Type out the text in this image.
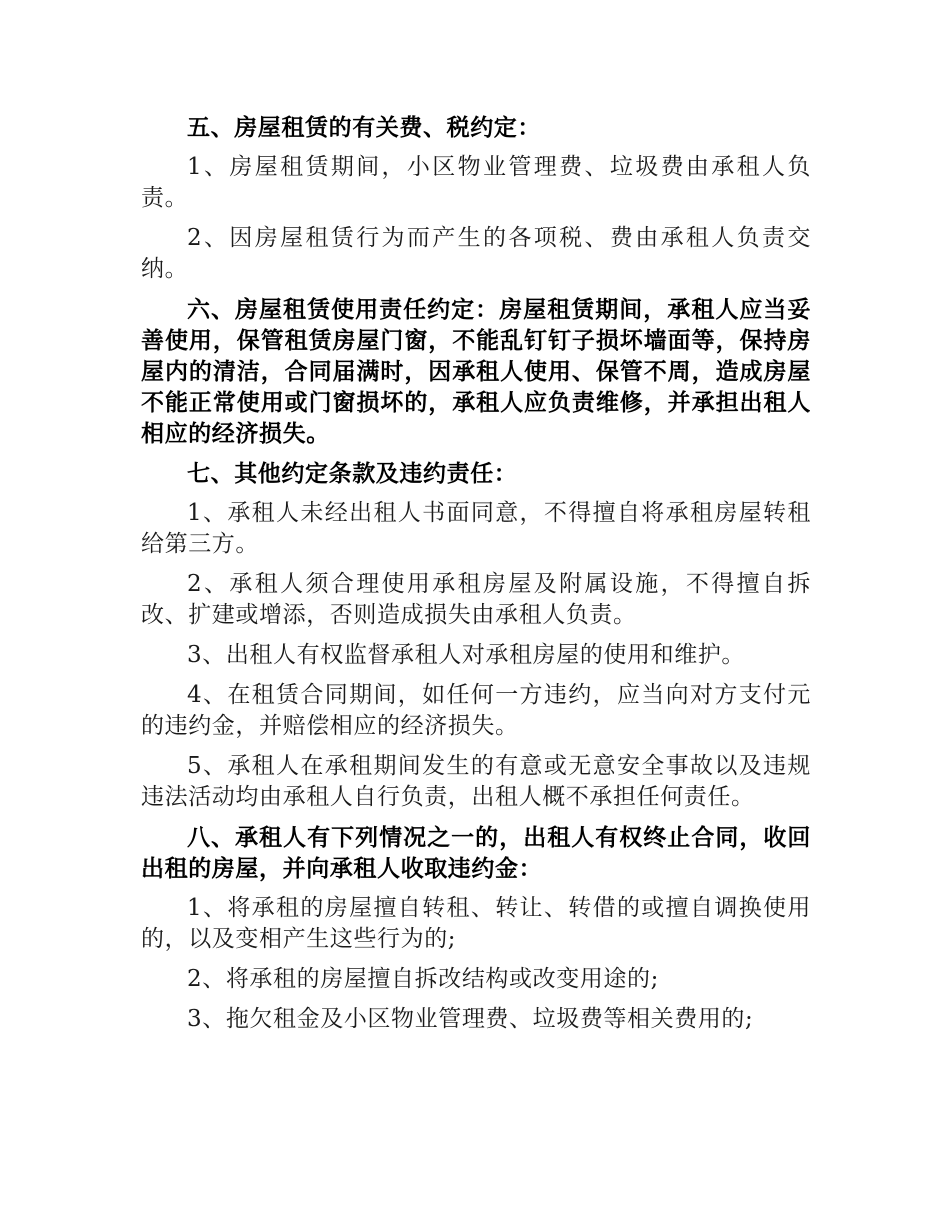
五、房屋租赁的有关费、税约定：

1、房屋租赁期间，小区物业管理费、垃圾费由承租人负责。

2、因房屋租赁行为而产生的各项税、费由承租人负责交纳。

六、房屋租赁使用责任约定：房屋租赁期间，承租人应当妥善使用，保管租赁房屋门窗，不能乱钉钉子损坏墙面等，保持房屋内的清洁，合同届满时，因承租人使用、保管不周，造成房屋不能正常使用或门窗损坏的，承租人应负责维修，并承担出租人相应的经济损失。

七、其他约定条款及违约责任：

1、承租人未经出租人书面同意，不得擅自将承租房屋转租给第三方。

2、承租人须合理使用承租房屋及附属设施，不得擅自拆改、扩建或增添，否则造成损失由承租人负责。

3、出租人有权监督承租人对承租房屋的使用和维护。

4、在租赁合同期间，如任何一方违约，应当向对方支付元的违约金，并赔偿相应的经济损失。

5、承租人在承租期间发生的有意或无意安全事故以及违规违法活动均由承租人自行负责，出租人概不承担任何责任。

八、承租人有下列情况之一的，出租人有权终止合同，收回出租的房屋，并向承租人收取违约金：

1、将承租的房屋擅自转租、转让、转借的或擅自调换使用的，以及变相产生这些行为的;

2、将承租的房屋擅自拆改结构或改变用途的;

3、拖欠租金及小区物业管理费、垃圾费等相关费用的;
